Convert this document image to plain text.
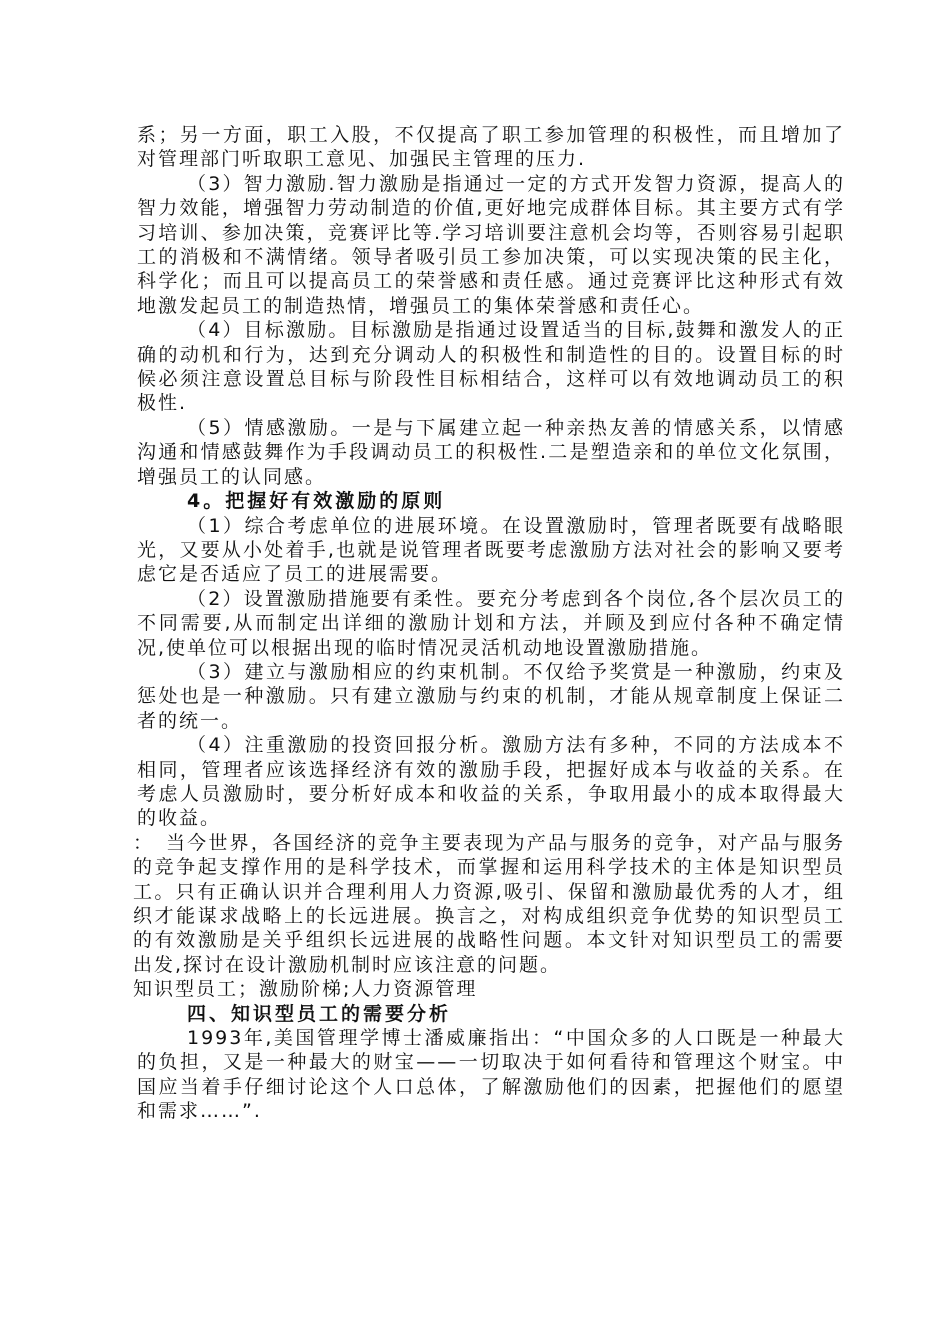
系；另一方面，职工入股，不仅提高了职工参加管理的积极性，而且增加了对管理部门听取职工意见、加强民主管理的压力.

（3）智力激励.智力激励是指通过一定的方式开发智力资源，提高人的智力效能，增强智力劳动制造的价值,更好地完成群体目标。其主要方式有学习培训、参加决策，竞赛评比等.学习培训要注意机会均等，否则容易引起职工的消极和不满情绪。领导者吸引员工参加决策，可以实现决策的民主化，科学化；而且可以提高员工的荣誉感和责任感。通过竞赛评比这种形式有效地激发起员工的制造热情，增强员工的集体荣誉感和责任心。

（4）目标激励。目标激励是指通过设置适当的目标,鼓舞和激发人的正确的动机和行为，达到充分调动人的积极性和制造性的目的。设置目标的时候必须注意设置总目标与阶段性目标相结合，这样可以有效地调动员工的积极性.

（5）情感激励。一是与下属建立起一种亲热友善的情感关系，以情感沟通和情感鼓舞作为手段调动员工的积极性.二是塑造亲和的单位文化氛围，增强员工的认同感。

4。把握好有效激励的原则

（1）综合考虑单位的进展环境。在设置激励时，管理者既要有战略眼光，又要从小处着手,也就是说管理者既要考虑激励方法对社会的影响又要考虑它是否适应了员工的进展需要。

（2）设置激励措施要有柔性。要充分考虑到各个岗位,各个层次员工的不同需要,从而制定出详细的激励计划和方法，并顾及到应付各种不确定情况,使单位可以根据出现的临时情况灵活机动地设置激励措施。

（3）建立与激励相应的约束机制。不仅给予奖赏是一种激励，约束及惩处也是一种激励。只有建立激励与约束的机制，才能从规章制度上保证二者的统一。

（4）注重激励的投资回报分析。激励方法有多种，不同的方法成本不相同，管理者应该选择经济有效的激励手段，把握好成本与收益的关系。在考虑人员激励时，要分析好成本和收益的关系，争取用最小的成本取得最大的收益。

：　当今世界，各国经济的竞争主要表现为产品与服务的竞争，对产品与服务的竞争起支撑作用的是科学技术，而掌握和运用科学技术的主体是知识型员工。只有正确认识并合理利用人力资源,吸引、保留和激励最优秀的人才，组织才能谋求战略上的长远进展。换言之，对构成组织竞争优势的知识型员工的有效激励是关乎组织长远进展的战略性问题。本文针对知识型员工的需要出发,探讨在设计激励机制时应该注意的问题。

知识型员工；激励阶梯;人力资源管理

四、知识型员工的需要分析

1993年,美国管理学博士潘威廉指出：“中国众多的人口既是一种最大的负担，又是一种最大的财宝——一切取决于如何看待和管理这个财宝。中国应当着手仔细讨论这个人口总体，了解激励他们的因素，把握他们的愿望和需求……”.
